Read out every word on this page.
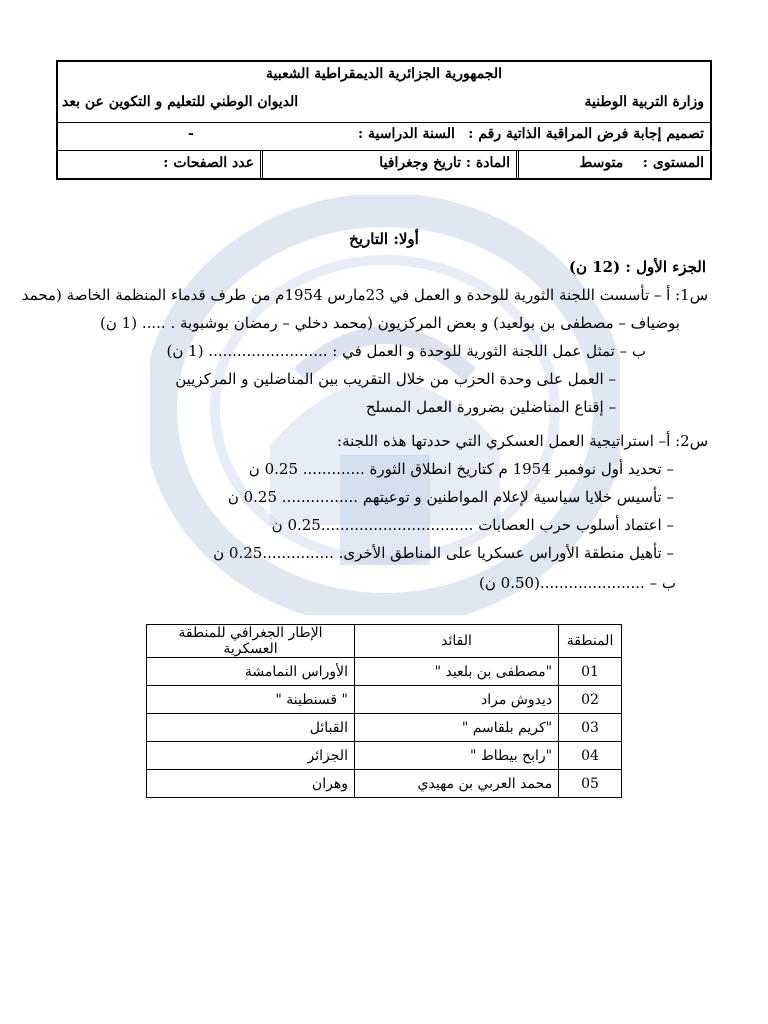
الجمهورية الجزائرية الديمقراطية الشعبية
وزارة التربية الوطنية
الديوان الوطني للتعليم و التكوين عن بعد
تصميم إجابة فرض المراقبة الذاتية رقم :
السنة الدراسية :
-
المستوى :    متوسط
المادة : تاريخ وجغرافيا
عدد الصفحات :
أولا: التاريخ
الجزء الأول : (12 ن)
س1: أ – تأسست اللجنة الثورية للوحدة و العمل في 23مارس 1954م من طرف قدماء المنظمة الخاصة (محمد
بوضياف – مصطفى بن بولعيد) و بعض المركزيون (محمد دخلي – رمضان بوشبوبة . ..... (1 ن)
ب – تمثل عمل اللجنة الثورية للوحدة و العمل في : ......................... (1 ن)
– العمل على وحدة الحزب من خلال التقريب بين المناضلين و المركزيين
– إقناع المناضلين بضرورة العمل المسلح
س2: أ– استراتيجية العمل العسكري التي حددتها هذه اللجنة:
– تحديد أول نوفمبر 1954 م كتاريخ انطلاق الثورة ............. 0.25 ن
– تأسيس خلايا سياسية لإعلام المواطنين و توعيتهم ................ 0.25 ن
– اعتماد أسلوب حرب العصابات ................................0.25 ن
– تأهيل منطقة الأوراس عسكريا على المناطق الأخرى. ...............0.25 ن
ب – ......................(0.50 ن)
المنطقة	القائد	الإطار الجغرافي للمنطقة العسكرية
01	"مصطفى بن بلعيد "	الأوراس النمامشة
02	ديدوش مراد	" قسنطينة "
03	"كريم بلقاسم "	القبائل
04	"رابح بيطاط "	الجزائر
05	محمد العربي بن مهيدي	وهران
